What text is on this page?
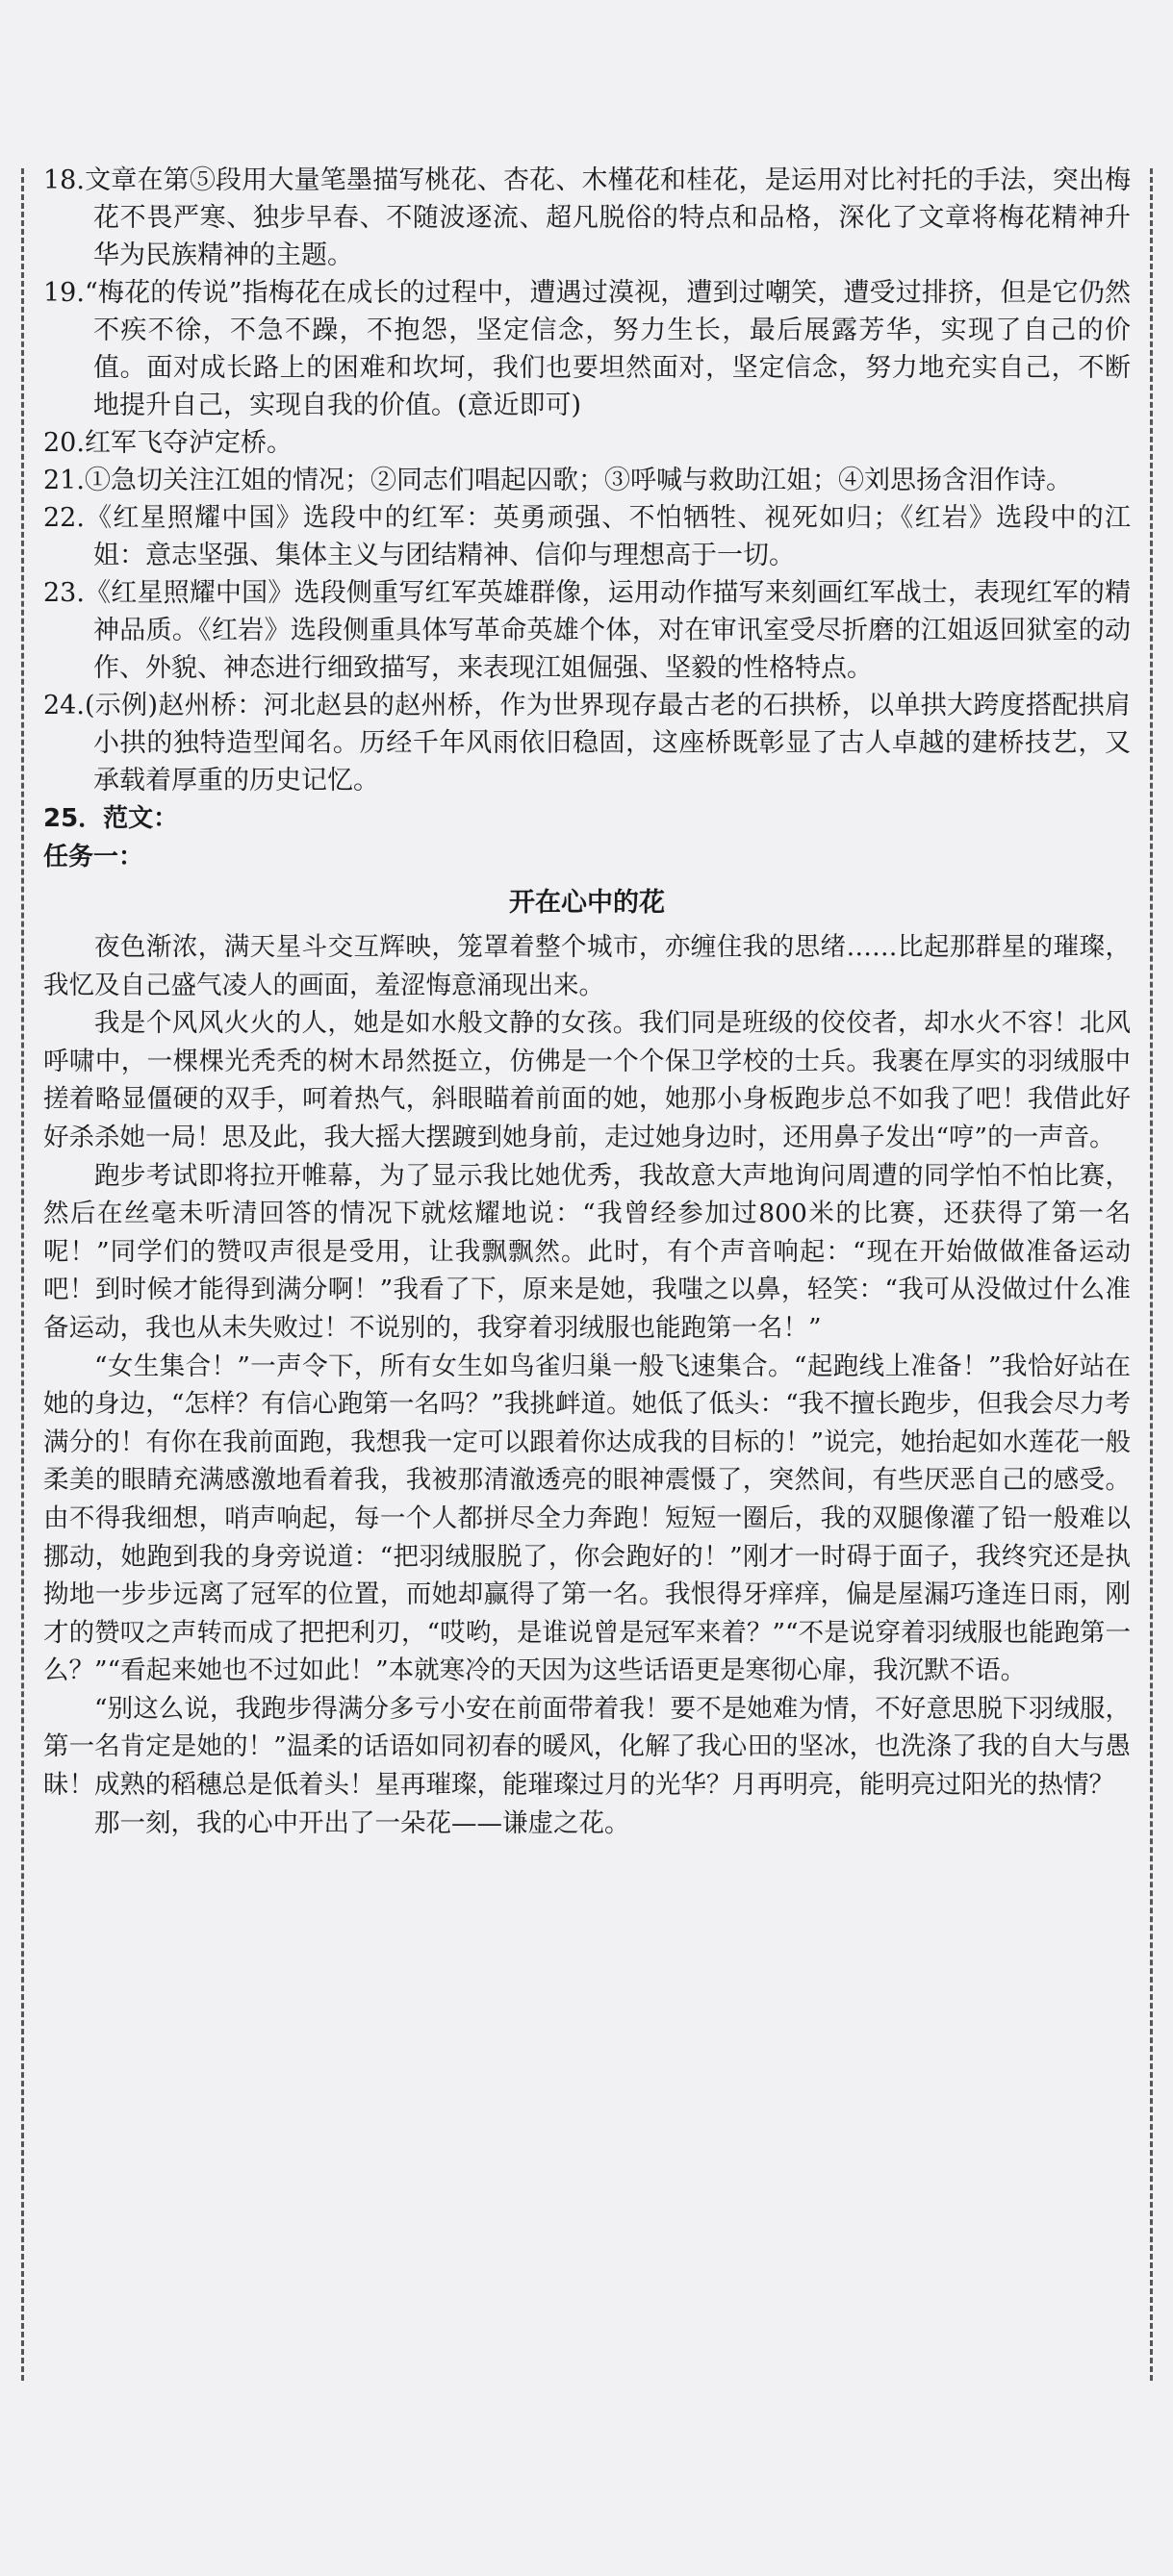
18.文章在第⑤段用大量笔墨描写桃花、杏花、木槿花和桂花，是运用对比衬托的手法，突出梅花不畏严寒、独步早春、不随波逐流、超凡脱俗的特点和品格，深化了文章将梅花精神升华为民族精神的主题。
19.“梅花的传说”指梅花在成长的过程中，遭遇过漠视，遭到过嘲笑，遭受过排挤，但是它仍然不疾不徐，不急不躁，不抱怨，坚定信念，努力生长，最后展露芳华，实现了自己的价值。面对成长路上的困难和坎坷，我们也要坦然面对，坚定信念，努力地充实自己，不断地提升自己，实现自我的价值。(意近即可)
20.红军飞夺泸定桥。
21.①急切关注江姐的情况；②同志们唱起囚歌；③呼喊与救助江姐；④刘思扬含泪作诗。
22.《红星照耀中国》选段中的红军：英勇顽强、不怕牺牲、视死如归；《红岩》选段中的江姐：意志坚强、集体主义与团结精神、信仰与理想高于一切。
23.《红星照耀中国》选段侧重写红军英雄群像，运用动作描写来刻画红军战士，表现红军的精神品质。《红岩》选段侧重具体写革命英雄个体，对在审讯室受尽折磨的江姐返回狱室的动作、外貌、神态进行细致描写，来表现江姐倔强、坚毅的性格特点。
24.(示例)赵州桥：河北赵县的赵州桥，作为世界现存最古老的石拱桥，以单拱大跨度搭配拱肩小拱的独特造型闻名。历经千年风雨依旧稳固，这座桥既彰显了古人卓越的建桥技艺，又承载着厚重的历史记忆。

25．范文：

任务一：

开在心中的花

夜色渐浓，满天星斗交互辉映，笼罩着整个城市，亦缠住我的思绪……比起那群星的璀璨，我忆及自己盛气凌人的画面，羞涩悔意涌现出来。

我是个风风火火的人，她是如水般文静的女孩。我们同是班级的佼佼者，却水火不容！北风呼啸中，一棵棵光秃秃的树木昂然挺立，仿佛是一个个保卫学校的士兵。我裹在厚实的羽绒服中搓着略显僵硬的双手，呵着热气，斜眼瞄着前面的她，她那小身板跑步总不如我了吧！我借此好好杀杀她一局！思及此，我大摇大摆踱到她身前，走过她身边时，还用鼻子发出“哼”的一声音。

跑步考试即将拉开帷幕，为了显示我比她优秀，我故意大声地询问周遭的同学怕不怕比赛，然后在丝毫未听清回答的情况下就炫耀地说：“我曾经参加过800米的比赛，还获得了第一名呢！”同学们的赞叹声很是受用，让我飘飘然。此时，有个声音响起：“现在开始做做准备运动吧！到时候才能得到满分啊！”我看了下，原来是她，我嗤之以鼻，轻笑：“我可从没做过什么准备运动，我也从未失败过！不说别的，我穿着羽绒服也能跑第一名！”

“女生集合！”一声令下，所有女生如鸟雀归巢一般飞速集合。“起跑线上准备！”我恰好站在她的身边，“怎样？有信心跑第一名吗？”我挑衅道。她低了低头：“我不擅长跑步，但我会尽力考满分的！有你在我前面跑，我想我一定可以跟着你达成我的目标的！”说完，她抬起如水莲花一般柔美的眼睛充满感激地看着我，我被那清澈透亮的眼神震慑了，突然间，有些厌恶自己的感受。由不得我细想，哨声响起，每一个人都拼尽全力奔跑！短短一圈后，我的双腿像灌了铅一般难以挪动，她跑到我的身旁说道：“把羽绒服脱了，你会跑好的！”刚才一时碍于面子，我终究还是执拗地一步步远离了冠军的位置，而她却赢得了第一名。我恨得牙痒痒，偏是屋漏巧逢连日雨，刚才的赞叹之声转而成了把把利刃，“哎哟，是谁说曾是冠军来着？”“不是说穿着羽绒服也能跑第一么？”“看起来她也不过如此！”本就寒冷的天因为这些话语更是寒彻心扉，我沉默不语。

“别这么说，我跑步得满分多亏小安在前面带着我！要不是她难为情，不好意思脱下羽绒服，第一名肯定是她的！”温柔的话语如同初春的暖风，化解了我心田的坚冰，也洗涤了我的自大与愚昧！成熟的稻穗总是低着头！星再璀璨，能璀璨过月的光华？月再明亮，能明亮过阳光的热情？

那一刻，我的心中开出了一朵花——谦虚之花。
